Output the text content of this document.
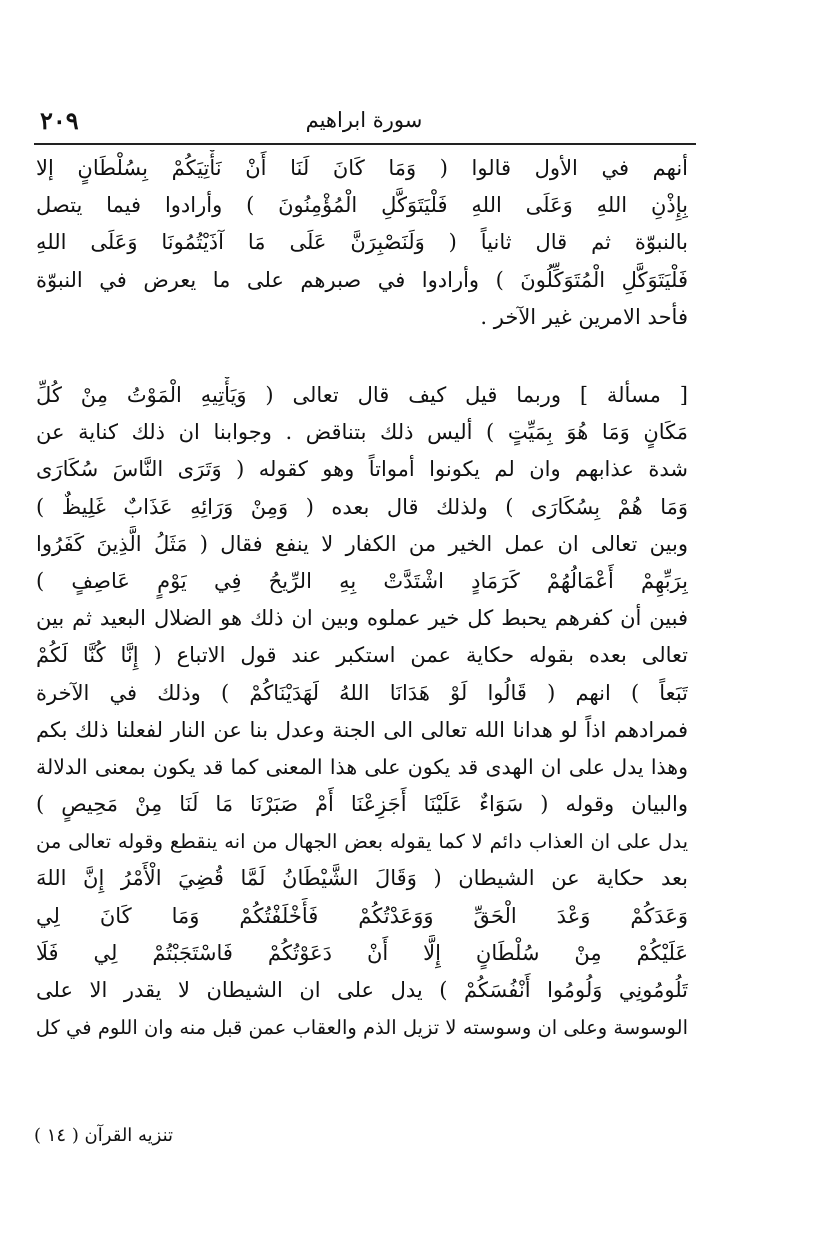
سورة ابراهيم
٢٠٩
أنهم في الأول قالوا ( وَمَا كَانَ لَنَا أَنْ نَأْتِيَكُمْ بِسُلْطَانٍ إلا
بِإِذْنِ اللهِ وَعَلَى اللهِ فَلْيَتَوَكَّلِ الْمُؤْمِنُونَ ) وأرادوا فيما يتصل
بالنبوّة ثم قال ثانياً ( وَلَنَصْبِرَنَّ عَلَى مَا آذَيْتُمُونَا وَعَلَى اللهِ
فَلْيَتَوَكَّلِ الْمُتَوَكِّلُونَ ) وأرادوا في صبرهم على ما يعرض في النبوّة
فأحد الامرين غير الآخر .
[ مسألة ] وربما قيل كيف قال تعالى ( وَيَأْتِيهِ الْمَوْتُ مِنْ كُلِّ
مَكَانٍ وَمَا هُوَ بِمَيِّتٍ ) أليس ذلك بتناقض . وجوابنا ان ذلك كناية عن
شدة عذابهم وان لم يكونوا أمواتاً وهو كقوله ( وَتَرَى النَّاسَ سُكَارَى
وَمَا هُمْ بِسُكَارَى ) ولذلك قال بعده ( وَمِنْ وَرَائِهِ عَذَابٌ غَلِيظٌ )
وبين تعالى ان عمل الخير من الكفار لا ينفع فقال ( مَثَلُ الَّذِينَ كَفَرُوا
بِرَبِّهِمْ أَعْمَالُهُمْ كَرَمَادٍ اشْتَدَّتْ بِهِ الرِّيحُ فِي يَوْمٍ عَاصِفٍ )
فبين أن كفرهم يحبط كل خير عملوه وبين ان ذلك هو الضلال البعيد ثم بين
تعالى بعده بقوله حكاية عمن استكبر عند قول الاتباع ( إِنَّا كُنَّا لَكُمْ
تَبَعاً ) انهم ( قَالُوا لَوْ هَدَانَا اللهُ لَهَدَيْنَاكُمْ ) وذلك في الآخرة
فمرادهم اذاً لو هدانا الله تعالى الى الجنة وعدل بنا عن النار لفعلنا ذلك بكم
وهذا يدل على ان الهدى قد يكون على هذا المعنى كما قد يكون بمعنى الدلالة
والبيان وقوله ( سَوَاءٌ عَلَيْنَا أَجَزِعْنَا أَمْ صَبَرْنَا مَا لَنَا مِنْ مَحِيصٍ )
يدل على ان العذاب دائم لا كما يقوله بعض الجهال من انه ينقطع وقوله تعالى من
بعد حكاية عن الشيطان ( وَقَالَ الشَّيْطَانُ لَمَّا قُضِيَ الْأَمْرُ إِنَّ اللهَ
وَعَدَكُمْ وَعْدَ الْحَقِّ وَوَعَدْتُكُمْ فَأَخْلَفْتُكُمْ وَمَا كَانَ لِي
عَلَيْكُمْ مِنْ سُلْطَانٍ إِلَّا أَنْ دَعَوْتُكُمْ فَاسْتَجَبْتُمْ لِي فَلَا
تَلُومُونِي وَلُومُوا أَنْفُسَكُمْ ) يدل على ان الشيطان لا يقدر الا على
الوسوسة وعلى ان وسوسته لا تزيل الذم والعقاب عمن قبل منه وان اللوم في كل
تنزيه القرآن ( ١٤ )
